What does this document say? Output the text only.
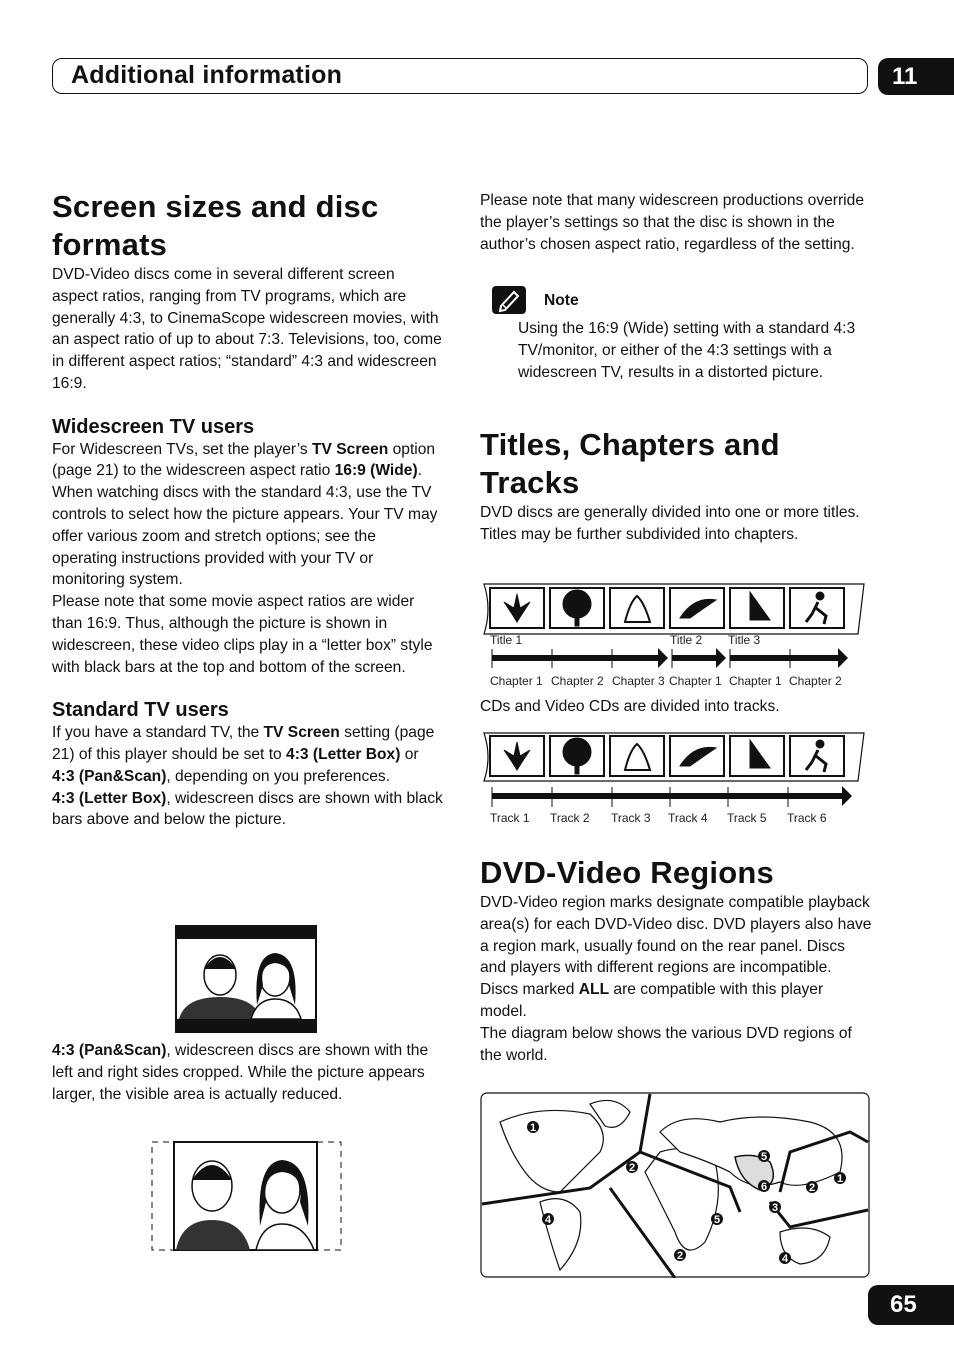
Additional information	11
Screen sizes and disc
formats

DVD-Video discs come in several different screen aspect ratios, ranging from TV programs, which are generally 4:3, to CinemaScope widescreen movies, with an aspect ratio of up to about 7:3. Televisions, too, come in different aspect ratios; “standard” 4:3 and widescreen 16:9.

Widescreen TV users

For Widescreen TVs, set the player’s TV Screen option (page 21) to the widescreen aspect ratio 16:9 (Wide).

When watching discs with the standard 4:3, use the TV controls to select how the picture appears. Your TV may offer various zoom and stretch options; see the operating instructions provided with your TV or monitoring system.

Please note that some movie aspect ratios are wider than 16:9. Thus, although the picture is shown in widescreen, these video clips play in a “letter box” style with black bars at the top and bottom of the screen.

Standard TV users

If you have a standard TV, the TV Screen setting (page 21) of this player should be set to 4:3 (Letter Box) or 4:3 (Pan&Scan), depending on you preferences.

4:3 (Letter Box), widescreen discs are shown with black bars above and below the picture.

4:3 (Pan&Scan), widescreen discs are shown with the left and right sides cropped. While the picture appears larger, the visible area is actually reduced.

Please note that many widescreen productions override the player’s settings so that the disc is shown in the author’s chosen aspect ratio, regardless of the setting.

Note

Using the 16:9 (Wide) setting with a standard 4:3 TV/monitor, or either of the 4:3 settings with a widescreen TV, results in a distorted picture.

Titles, Chapters and
Tracks

DVD discs are generally divided into one or more titles. Titles may be further subdivided into chapters.

Title 1	Title 2 Title 3
Chapter 1 Chapter 2 Chapter 3 Chapter 1 Chapter 1 Chapter 2

CDs and Video CDs are divided into tracks.

Track 1 Track 2 Track 3 Track 4 Track 5 Track 6
DVD-Video Regions

DVD-Video region marks designate compatible playback area(s) for each DVD-Video disc. DVD players also have a region mark, usually found on the rear panel. Discs and players with different regions are incompatible.

Discs marked ALL are compatible with this player model.

The diagram below shows the various DVD regions of the world.

1
2
4	5
6
2
1
3
5
2
4
65
